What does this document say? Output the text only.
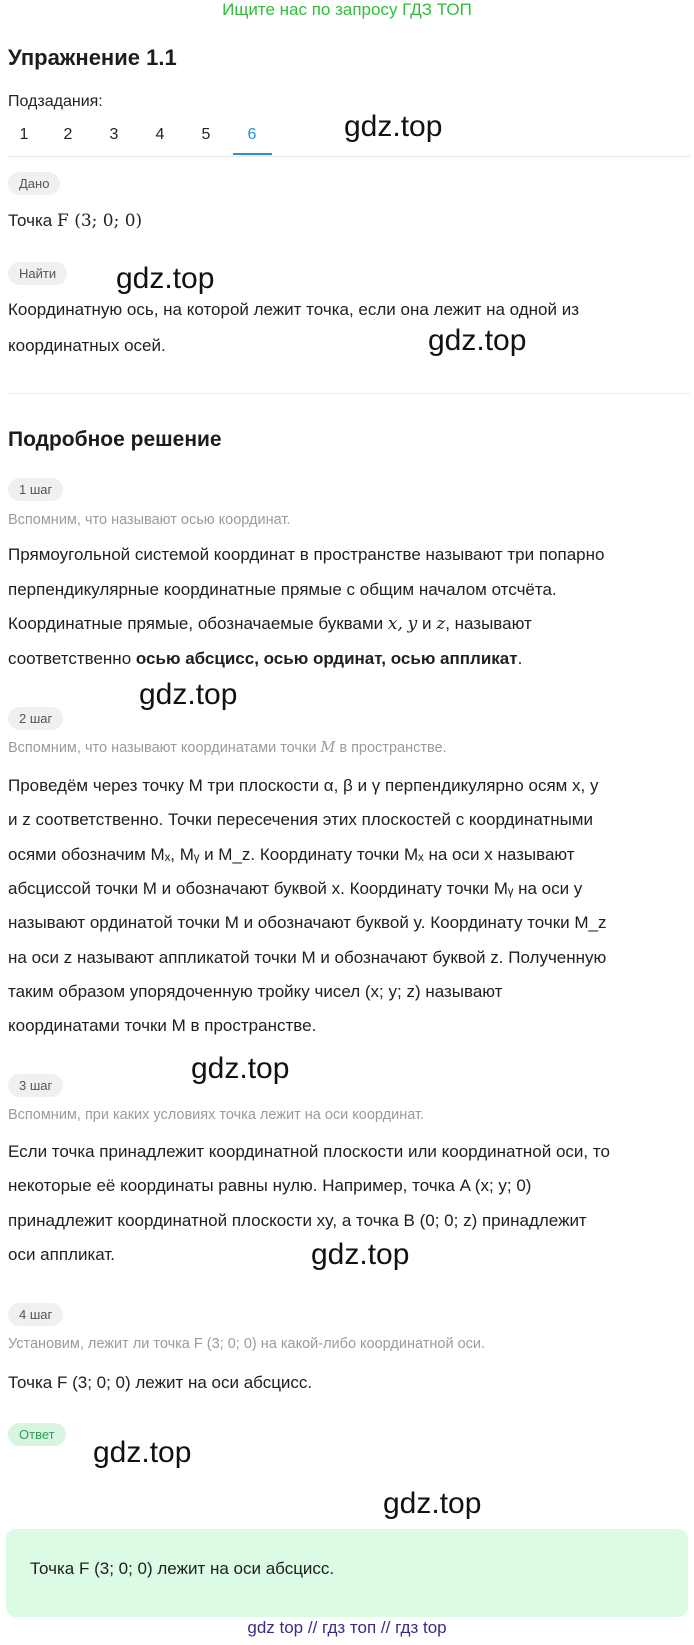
Ищите нас по запросу ГДЗ ТОП
Упражнение 1.1
Подзадания:
1	2	3	4	5	6	gdz.top
Дано
Точка F (3; 0; 0)
Найти	gdz.top
Координатную ось, на которой лежит точка, если она лежит на одной из
координатных осей.	gdz.top
Подробное решение
1 шаг
Вспомним, что называют осью координат.
Прямоугольной системой координат в пространстве называют три попарно
перпендикулярные координатные прямые с общим началом отсчёта.
Координатные прямые, обозначаемые буквами x, y и z, называют
соответственно осью абсцисс, осью ординат, осью аппликат.
gdz.top
2 шаг
Вспомним, что называют координатами точки M в пространстве.
Проведём через точку M три плоскости α, β и γ перпендикулярно осям x, y
и z соответственно. Точки пересечения этих плоскостей с координатными
осями обозначим Mₓ, Mᵧ и M_z. Координату точки Mₓ на оси x называют
абсциссой точки M и обозначают буквой x. Координату точки Mᵧ на оси y
называют ординатой точки M и обозначают буквой y. Координату точки M_z
на оси z называют аппликатой точки M и обозначают буквой z. Полученную
таким образом упорядоченную тройку чисел (x; y; z) называют
координатами точки M в пространстве.
gdz.top
3 шаг
Вспомним, при каких условиях точка лежит на оси координат.
Если точка принадлежит координатной плоскости или координатной оси, то
некоторые её координаты равны нулю. Например, точка A (x; y; 0)
принадлежит координатной плоскости xy, а точка B (0; 0; z) принадлежит
оси аппликат.	gdz.top
4 шаг
Установим, лежит ли точка F (3; 0; 0) на какой-либо координатной оси.
Точка F (3; 0; 0) лежит на оси абсцисс.
Ответ
gdz.top
Точка F (3; 0; 0) лежит на оси абсцисс.
gdz.top
gdz top // гдз топ // гдз top
